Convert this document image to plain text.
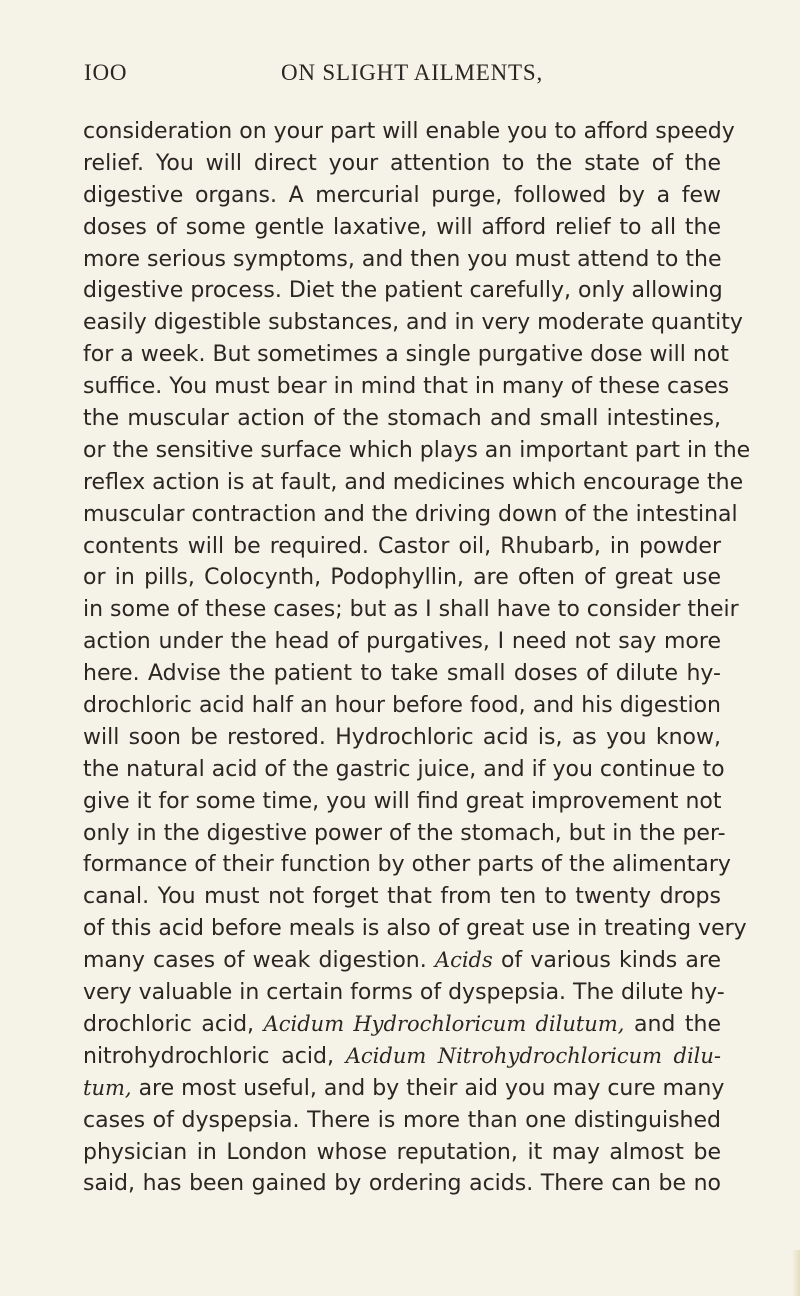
IOO	ON SLIGHT AILMENTS,
consideration on your part will enable you to afford speedy
relief. You will direct your attention to the state of the
digestive organs. A mercurial purge, followed by a few
doses of some gentle laxative, will afford relief to all the
more serious symptoms, and then you must attend to the
digestive process. Diet the patient carefully, only allowing
easily digestible substances, and in very moderate quantity
for a week. But sometimes a single purgative dose will not
suffice. You must bear in mind that in many of these cases
the muscular action of the stomach and small intestines,
or the sensitive surface which plays an important part in the
reflex action is at fault, and medicines which encourage the
muscular contraction and the driving down of the intestinal
contents will be required. Castor oil, Rhubarb, in powder
or in pills, Colocynth, Podophyllin, are often of great use
in some of these cases; but as I shall have to consider their
action under the head of purgatives, I need not say more
here. Advise the patient to take small doses of dilute hy-
drochloric acid half an hour before food, and his digestion
will soon be restored. Hydrochloric acid is, as you know,
the natural acid of the gastric juice, and if you continue to
give it for some time, you will find great improvement not
only in the digestive power of the stomach, but in the per-
formance of their function by other parts of the alimentary
canal. You must not forget that from ten to twenty drops
of this acid before meals is also of great use in treating very
many cases of weak digestion. Acids of various kinds are
very valuable in certain forms of dyspepsia. The dilute hy-
drochloric acid, Acidum Hydrochloricum dilutum, and the
nitrohydrochloric acid, Acidum Nitrohydrochloricum dilu-
tum, are most useful, and by their aid you may cure many
cases of dyspepsia. There is more than one distinguished
physician in London whose reputation, it may almost be
said, has been gained by ordering acids. There can be no
